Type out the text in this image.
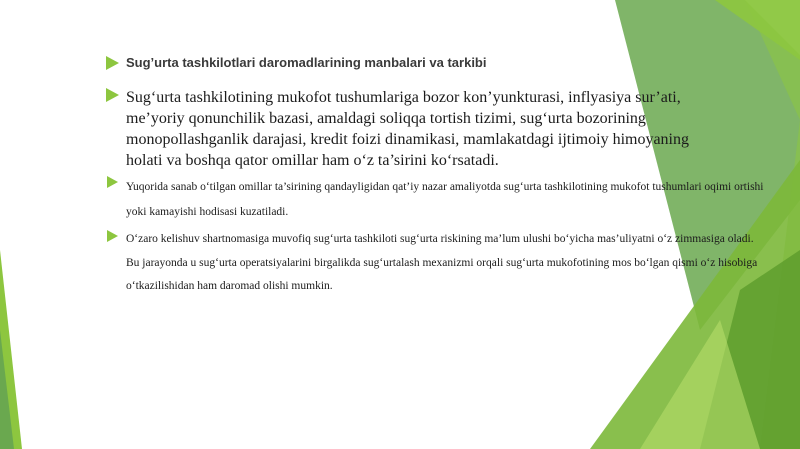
Sug’urta tashkilotlari daromadlarining manbalari va tarkibi
Sug‘urta tashkilotining mukofot tushumlariga bozor kon’yunkturasi, inflyasiya sur’ati, me’yoriy qonunchilik bazasi, amaldagi soliqqa tortish tizimi, sug‘urta bozorining monopollashganlik darajasi, kredit foizi dinamikasi, mamlakatdagi ijtimoiy himoyaning holati va boshqa qator omillar ham o‘z ta’sirini ko‘rsatadi.
Yuqorida sanab o‘tilgan omillar ta’sirining qandayligidan qat’iy nazar amaliyotda sug‘urta tashkilotining mukofot tushumlari oqimi ortishi yoki kamayishi hodisasi kuzatiladi.
O‘zaro kelishuv shartnomasiga muvofiq sug‘urta tashkiloti sug‘urta riskining ma’lum ulushi bo‘yicha mas’uliyatni o‘z zimmasiga oladi. Bu jarayonda u sug‘urta operatsiyalarini birgalikda sug‘urtalash mexanizmi orqali sug‘urta mukofotining mos bo‘lgan qismi o‘z hisobiga o‘tkazilishidan ham daromad olishi mumkin.
